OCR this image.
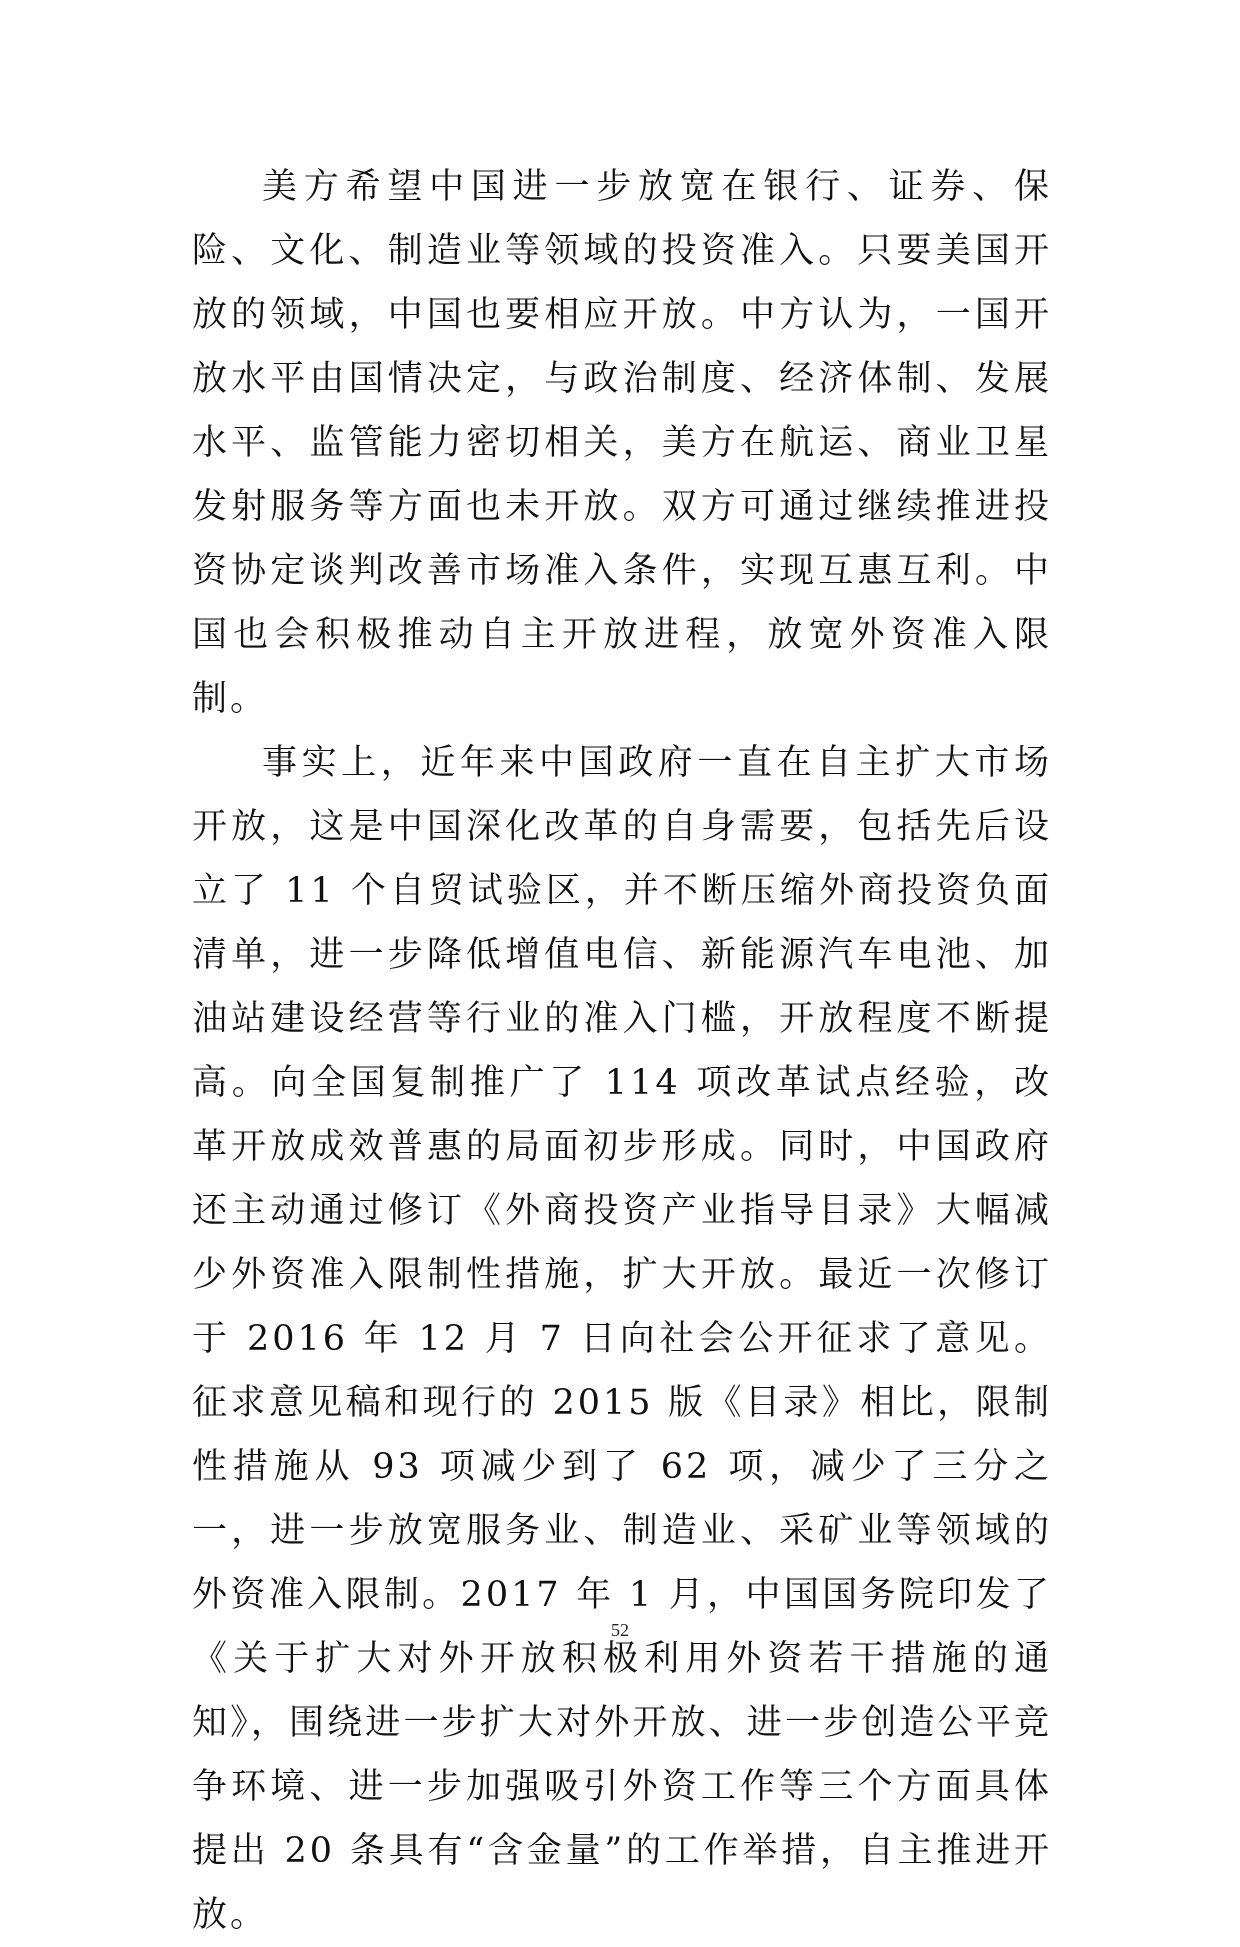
美方希望中国进一步放宽在银行、证券、保险、文化、制造业等领域的投资准入。只要美国开放的领域，中国也要相应开放。中方认为，一国开放水平由国情决定，与政治制度、经济体制、发展水平、监管能力密切相关，美方在航运、商业卫星发射服务等方面也未开放。双方可通过继续推进投资协定谈判改善市场准入条件，实现互惠互利。中国也会积极推动自主开放进程，放宽外资准入限制。

事实上，近年来中国政府一直在自主扩大市场开放，这是中国深化改革的自身需要，包括先后设立了 11 个自贸试验区，并不断压缩外商投资负面清单，进一步降低增值电信、新能源汽车电池、加油站建设经营等行业的准入门槛，开放程度不断提高。向全国复制推广了 114 项改革试点经验，改革开放成效普惠的局面初步形成。同时，中国政府还主动通过修订《外商投资产业指导目录》大幅减少外资准入限制性措施，扩大开放。最近一次修订于 2016 年 12 月 7 日向社会公开征求了意见。征求意见稿和现行的 2015 版《目录》相比，限制性措施从 93 项减少到了 62 项，减少了三分之一，进一步放宽服务业、制造业、采矿业等领域的外资准入限制。2017 年 1 月，中国国务院印发了《关于扩大对外开放积极利用外资若干措施的通知》，围绕进一步扩大对外开放、进一步创造公平竞争环境、进一步加强吸引外资工作等三个方面具体提出 20 条具有“含金量”的工作举措，自主推进开放。

52
